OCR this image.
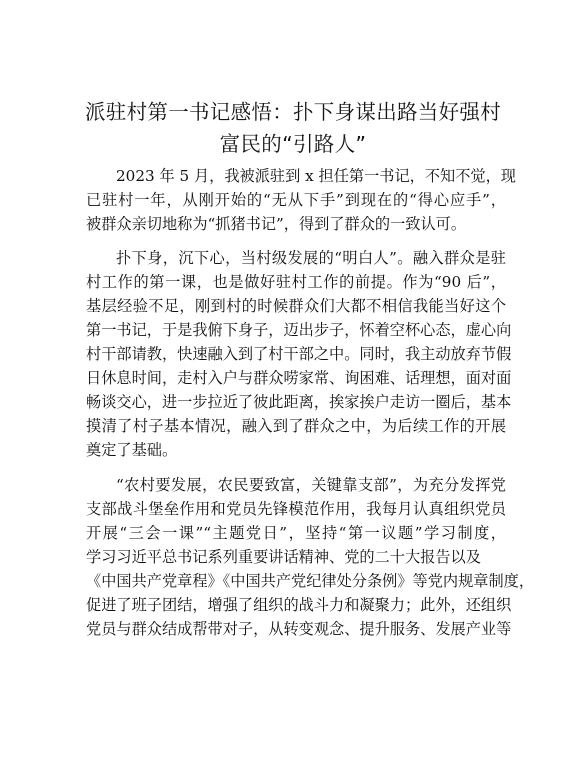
派驻村第一书记感悟：扑下身谋出路当好强村
富民的“引路人”
2023 年 5 月，我被派驻到 x 担任第一书记，不知不觉，现
已驻村一年，从刚开始的“无从下手”到现在的“得心应手”，
被群众亲切地称为“抓猪书记”，得到了群众的一致认可。
扑下身，沉下心，当村级发展的“明白人”。融入群众是驻
村工作的第一课，也是做好驻村工作的前提。作为“90 后”，
基层经验不足，刚到村的时候群众们大都不相信我能当好这个
第一书记，于是我俯下身子，迈出步子，怀着空杯心态，虚心向
村干部请教，快速融入到了村干部之中。同时，我主动放弃节假
日休息时间，走村入户与群众唠家常、询困难、话理想，面对面
畅谈交心，进一步拉近了彼此距离，挨家挨户走访一圈后，基本
摸清了村子基本情况，融入到了群众之中，为后续工作的开展
奠定了基础。
“农村要发展，农民要致富，关键靠支部”，为充分发挥党
支部战斗堡垒作用和党员先锋模范作用，我每月认真组织党员
开展“三会一课”“主题党日”，坚持“第一议题”学习制度，
学习习近平总书记系列重要讲话精神、党的二十大报告以及
《中国共产党章程》《中国共产党纪律处分条例》等党内规章制度，
促进了班子团结，增强了组织的战斗力和凝聚力；此外，还组织
党员与群众结成帮带对子，从转变观念、提升服务、发展产业等
